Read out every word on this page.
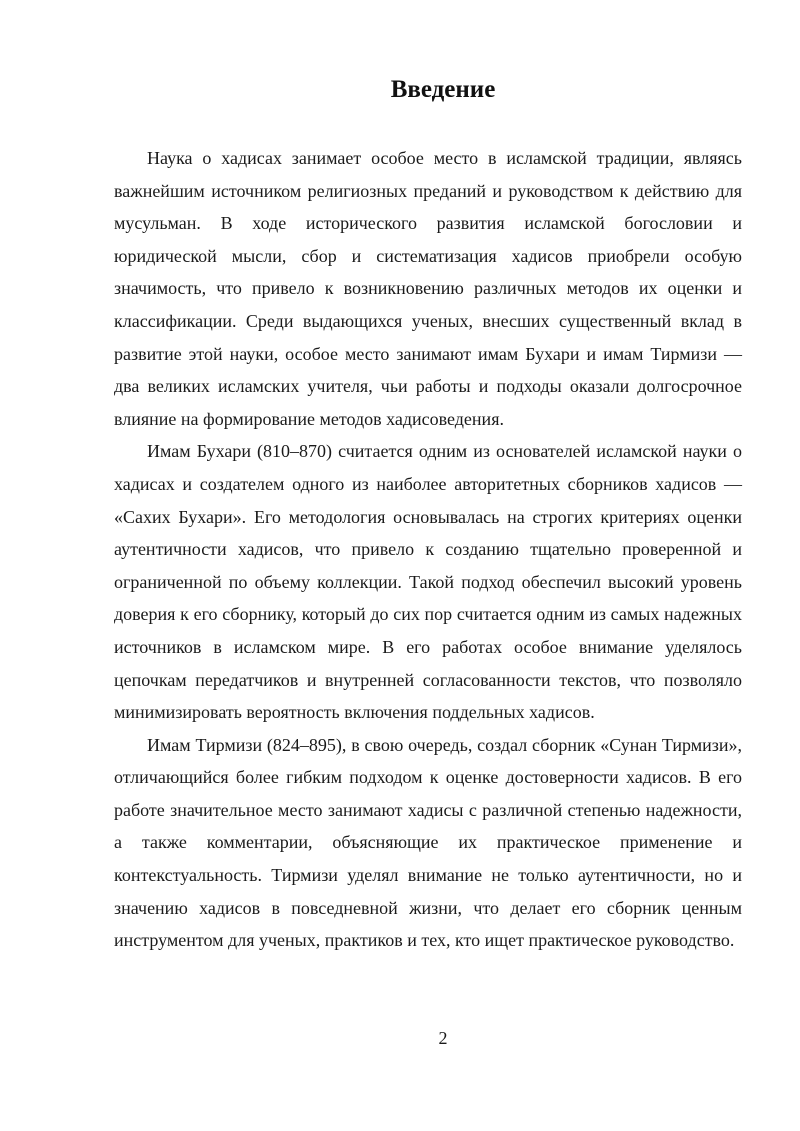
Введение

Наука о хадисах занимает особое место в исламской традиции, являясь важнейшим источником религиозных преданий и руководством к действию для мусульман. В ходе исторического развития исламской богословии и юридической мысли, сбор и систематизация хадисов приобрели особую значимость, что привело к возникновению различных методов их оценки и классификации. Среди выдающихся ученых, внесших существенный вклад в развитие этой науки, особое место занимают имам Бухари и имам Тирмизи — два великих исламских учителя, чьи работы и подходы оказали долгосрочное влияние на формирование методов хадисоведения.

Имам Бухари (810–870) считается одним из основателей исламской науки о хадисах и создателем одного из наиболее авторитетных сборников хадисов — «Сахих Бухари». Его методология основывалась на строгих критериях оценки аутентичности хадисов, что привело к созданию тщательно проверенной и ограниченной по объему коллекции. Такой подход обеспечил высокий уровень доверия к его сборнику, который до сих пор считается одним из самых надежных источников в исламском мире. В его работах особое внимание уделялось цепочкам передатчиков и внутренней согласованности текстов, что позволяло минимизировать вероятность включения поддельных хадисов.

Имам Тирмизи (824–895), в свою очередь, создал сборник «Сунан Тирмизи», отличающийся более гибким подходом к оценке достоверности хадисов. В его работе значительное место занимают хадисы с различной степенью надежности, а также комментарии, объясняющие их практическое применение и контекстуальность. Тирмизи уделял внимание не только аутентичности, но и значению хадисов в повседневной жизни, что делает его сборник ценным инструментом для ученых, практиков и тех, кто ищет практическое руководство.

2
